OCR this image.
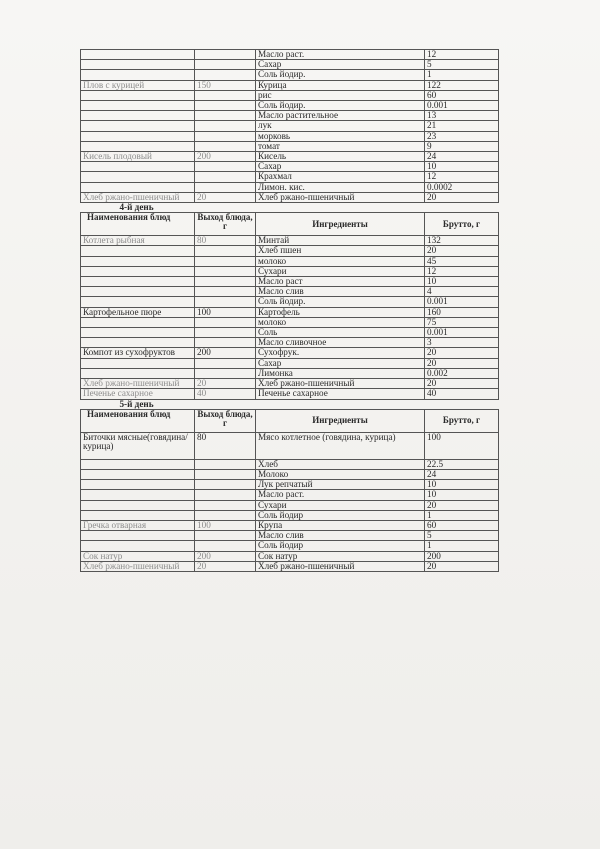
		Масло раст.	12
		Сахар	5
		Соль йодир.	1
Плов с курицей	150	Курица	122
		рис	60
		Соль йодир.	0.001
		Масло растительное	13
		лук	21
		морковь	23
		томат	9
Кисель плодовый	200	Кисель	24
		Сахар	10
		Крахмал	12
		Лимон. кис.	0.0002
Хлеб ржано-пшеничный	20	Хлеб ржано-пшеничный	20
4-й день			
Наименования блюд	Выход блюда, г	Ингредиенты	Брутто, г
Котлета рыбная	80	Минтай	132
		Хлеб пшен	20
		молоко	45
		Сухари	12
		Масло раст	10
		Масло слив	4
		Соль йодир.	0.001
Картофельное пюре	100	Картофель	160
		молоко	75
		Соль	0.001
		Масло сливочное	3
Компот из сухофруктов	200	Сухофрук.	20
		Сахар	20
		Лимонка	0.002
Хлеб ржано-пшеничный	20	Хлеб ржано-пшеничный	20
Печенье сахарное	40	Печенье сахарное	40
5-й день			
Наименования блюд	Выход блюда, г	Ингредиенты	Брутто, г
Биточки мясные(говядина/курица)	80	Мясо котлетное (говядина, курица)	100
		Хлеб	22.5
		Молоко	24
		Лук репчатый	10
		Масло раст.	10
		Сухари	20
		Соль йодир	1
Гречка отварная	100	Крупа	60
		Масло слив	5
		Соль йодир	1
Сок натур	200	Сок натур	200
Хлеб ржано-пшеничный	20	Хлеб ржано-пшеничный	20
